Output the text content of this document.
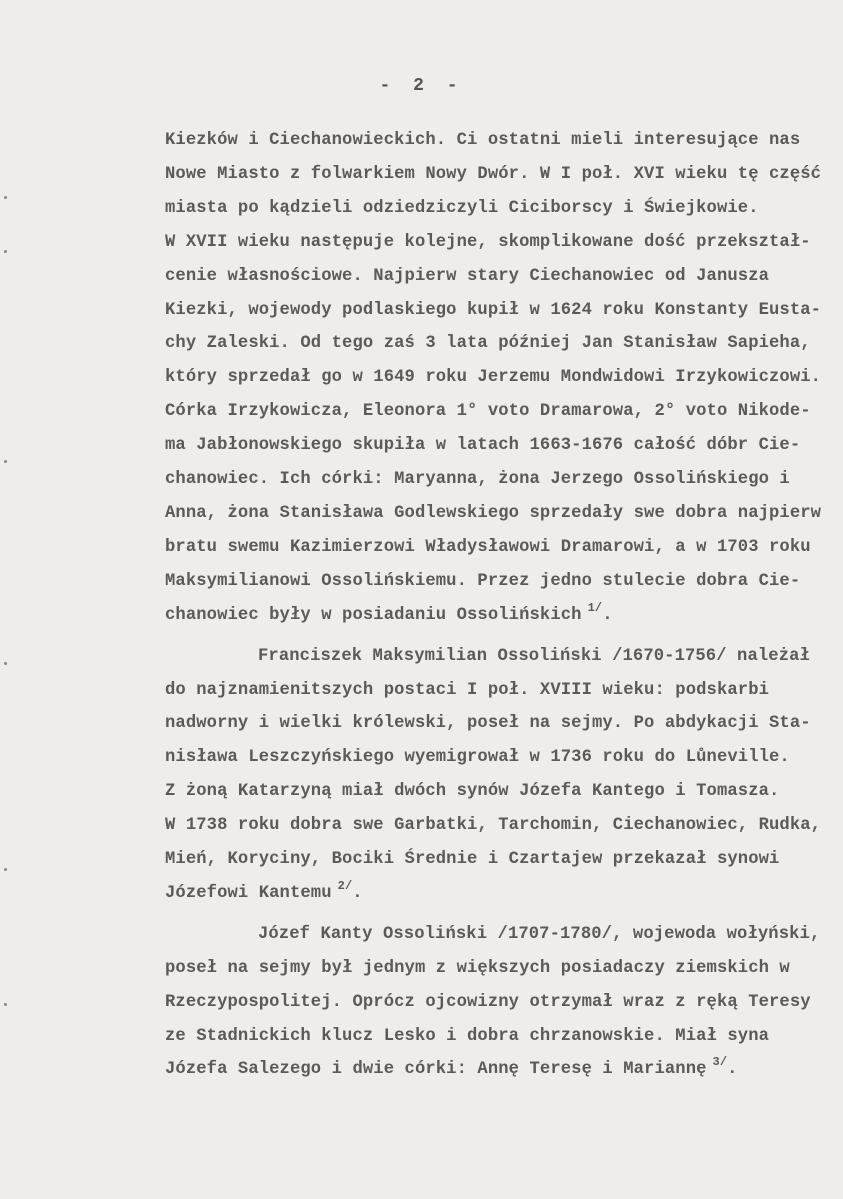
- 2 -
Kiezków i Ciechanowieckich. Ci ostatni mieli interesujące nas
Nowe Miasto z folwarkiem Nowy Dwór. W I poł. XVI wieku tę część
miasta po kądzieli odziedziczyli Ciciborscy i Świejkowie.
W XVII wieku następuje kolejne, skomplikowane dość przekształ-
cenie własnościowe. Najpierw stary Ciechanowiec od Janusza
Kiezki, wojewody podlaskiego kupił w 1624 roku Konstanty Eusta-
chy Zaleski. Od tego zaś 3 lata później Jan Stanisław Sapieha,
który sprzedał go w 1649 roku Jerzemu Mondwidowi Irzykowiczowi.
Córka Irzykowicza, Eleonora 1° voto Dramarowa, 2° voto Nikode-
ma Jabłonowskiego skupiła w latach 1663-1676 całość dóbr Cie-
chanowiec. Ich córki: Maryanna, żona Jerzego Ossolińskiego i
Anna, żona Stanisława Godlewskiego sprzedały swe dobra najpierw
bratu swemu Kazimierzowi Władysławowi Dramarowi, a w 1703 roku
Maksymilianowi Ossolińskiemu. Przez jedno stulecie dobra Cie-
chanowiec były w posiadaniu Ossolińskich $^{1/}$.
Franciszek Maksymilian Ossoliński /1670-1756/ należał
do najznamienitszych postaci I poł. XVIII wieku: podskarbi
nadworny i wielki królewski, poseł na sejmy. Po abdykacji Sta-
nisława Leszczyńskiego wyemigrował w 1736 roku do Lůneville.
Z żoną Katarzyną miał dwóch synów Józefa Kantego i Tomasza.
W 1738 roku dobra swe Garbatki, Tarchomin, Ciechanowiec, Rudka,
Mień, Koryciny, Bociki Średnie i Czartajew przekazał synowi
Józefowi Kantemu $^{2/}$.
Józef Kanty Ossoliński /1707-1780/, wojewoda wołyński,
poseł na sejmy był jednym z większych posiadaczy ziemskich w
Rzeczypospolitej. Oprócz ojcowizny otrzymał wraz z ręką Teresy
ze Stadnickich klucz Lesko i dobra chrzanowskie. Miał syna
Józefa Salezego i dwie córki: Annę Teresę i Mariannę $^{3/}$.
